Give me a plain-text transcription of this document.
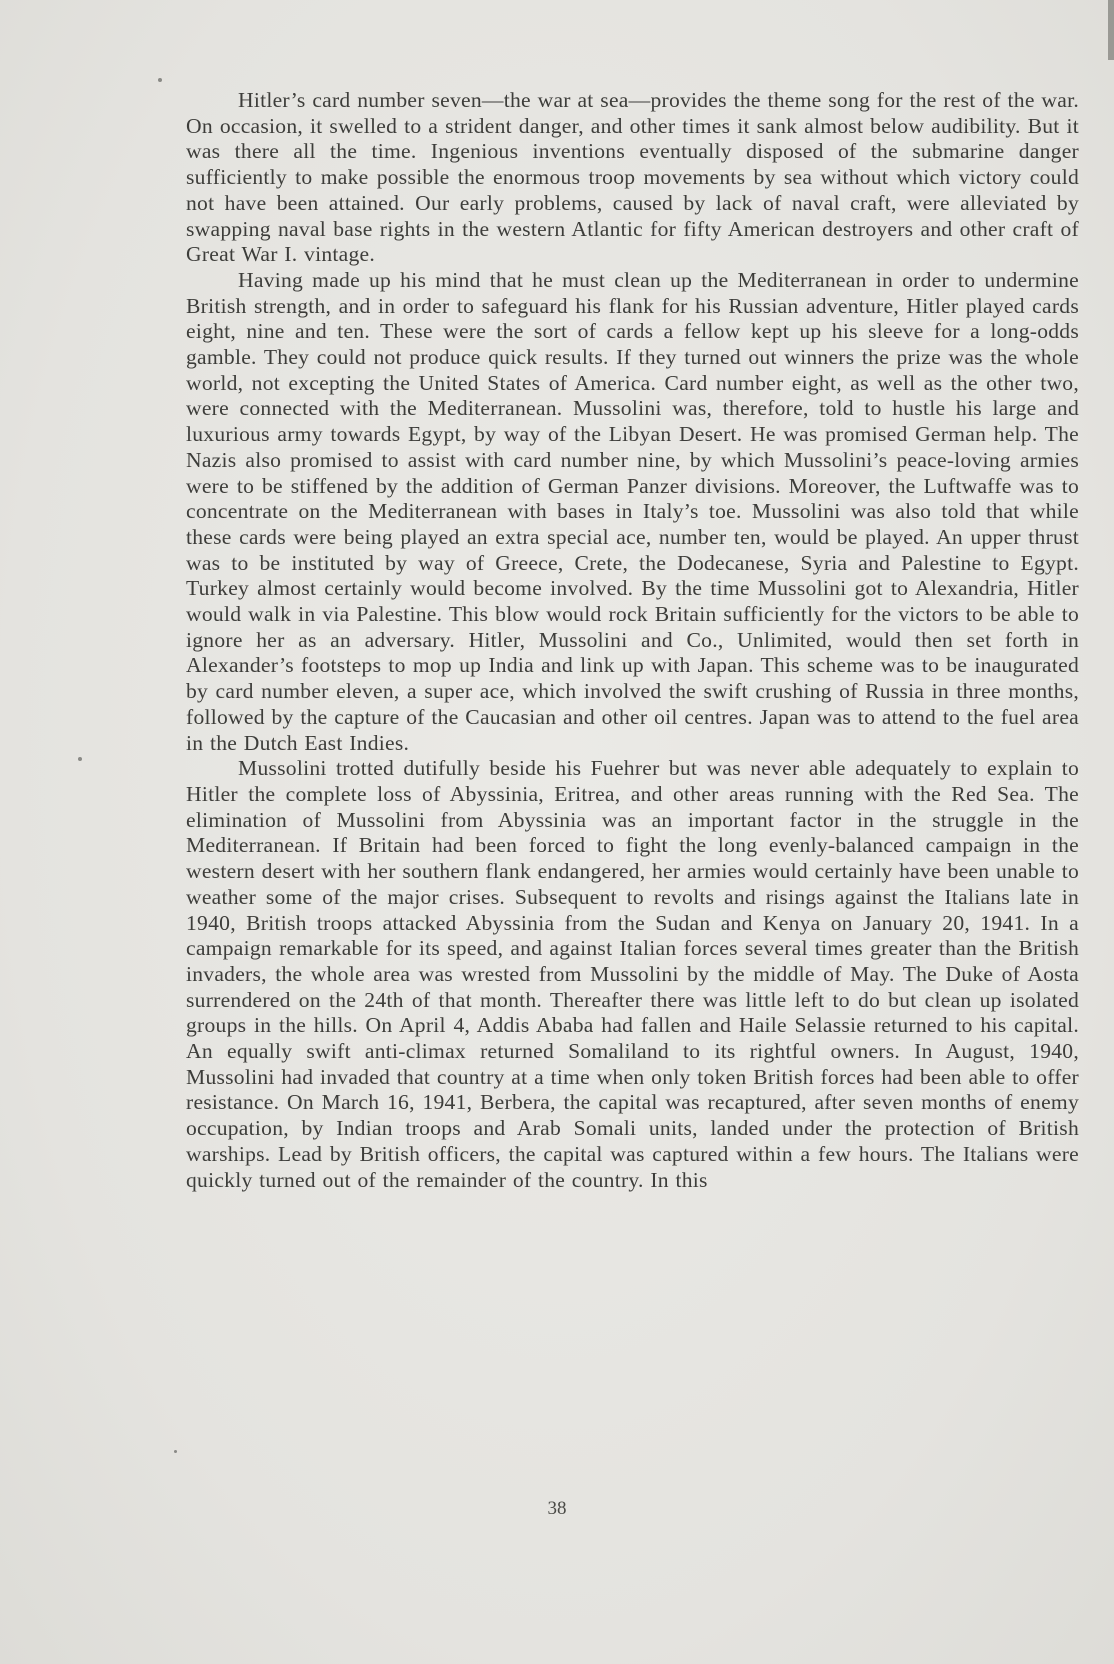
Hitler’s card number seven—the war at sea—provides the theme song for the rest of the war. On occasion, it swelled to a strident danger, and other times it sank almost below audibility. But it was there all the time. Ingenious inventions eventually disposed of the submarine danger sufficiently to make possible the enormous troop movements by sea without which victory could not have been attained. Our early problems, caused by lack of naval craft, were alleviated by swapping naval base rights in the western Atlantic for fifty American destroyers and other craft of Great War I. vintage.

Having made up his mind that he must clean up the Mediterranean in order to undermine British strength, and in order to safeguard his flank for his Russian adventure, Hitler played cards eight, nine and ten. These were the sort of cards a fellow kept up his sleeve for a long-odds gamble. They could not produce quick results. If they turned out winners the prize was the whole world, not excepting the United States of America. Card number eight, as well as the other two, were connected with the Mediterranean. Mussolini was, therefore, told to hustle his large and luxurious army towards Egypt, by way of the Libyan Desert. He was promised German help. The Nazis also promised to assist with card number nine, by which Mussolini’s peace-loving armies were to be stiffened by the addition of German Panzer divisions. Moreover, the Luftwaffe was to concentrate on the Mediterranean with bases in Italy’s toe. Mussolini was also told that while these cards were being played an extra special ace, number ten, would be played. An upper thrust was to be instituted by way of Greece, Crete, the Dodecanese, Syria and Palestine to Egypt. Turkey almost certainly would become involved. By the time Mussolini got to Alexandria, Hitler would walk in via Palestine. This blow would rock Britain sufficiently for the victors to be able to ignore her as an adversary. Hitler, Mussolini and Co., Unlimited, would then set forth in Alexander’s footsteps to mop up India and link up with Japan. This scheme was to be inaugurated by card number eleven, a super ace, which involved the swift crushing of Russia in three months, followed by the capture of the Caucasian and other oil centres. Japan was to attend to the fuel area in the Dutch East Indies.

Mussolini trotted dutifully beside his Fuehrer but was never able adequately to explain to Hitler the complete loss of Abyssinia, Eritrea, and other areas running with the Red Sea. The elimination of Mussolini from Abyssinia was an important factor in the struggle in the Mediterranean. If Britain had been forced to fight the long evenly-balanced campaign in the western desert with her southern flank endangered, her armies would certainly have been unable to weather some of the major crises. Subsequent to revolts and risings against the Italians late in 1940, British troops attacked Abyssinia from the Sudan and Kenya on January 20, 1941. In a campaign remarkable for its speed, and against Italian forces several times greater than the British invaders, the whole area was wrested from Mussolini by the middle of May. The Duke of Aosta surrendered on the 24th of that month. Thereafter there was little left to do but clean up isolated groups in the hills. On April 4, Addis Ababa had fallen and Haile Selassie returned to his capital. An equally swift anti-climax returned Somaliland to its rightful owners. In August, 1940, Mussolini had invaded that country at a time when only token British forces had been able to offer resistance. On March 16, 1941, Berbera, the capital was recaptured, after seven months of enemy occupation, by Indian troops and Arab Somali units, landed under the protection of British warships. Lead by British officers, the capital was captured within a few hours. The Italians were quickly turned out of the remainder of the country. In this

38
